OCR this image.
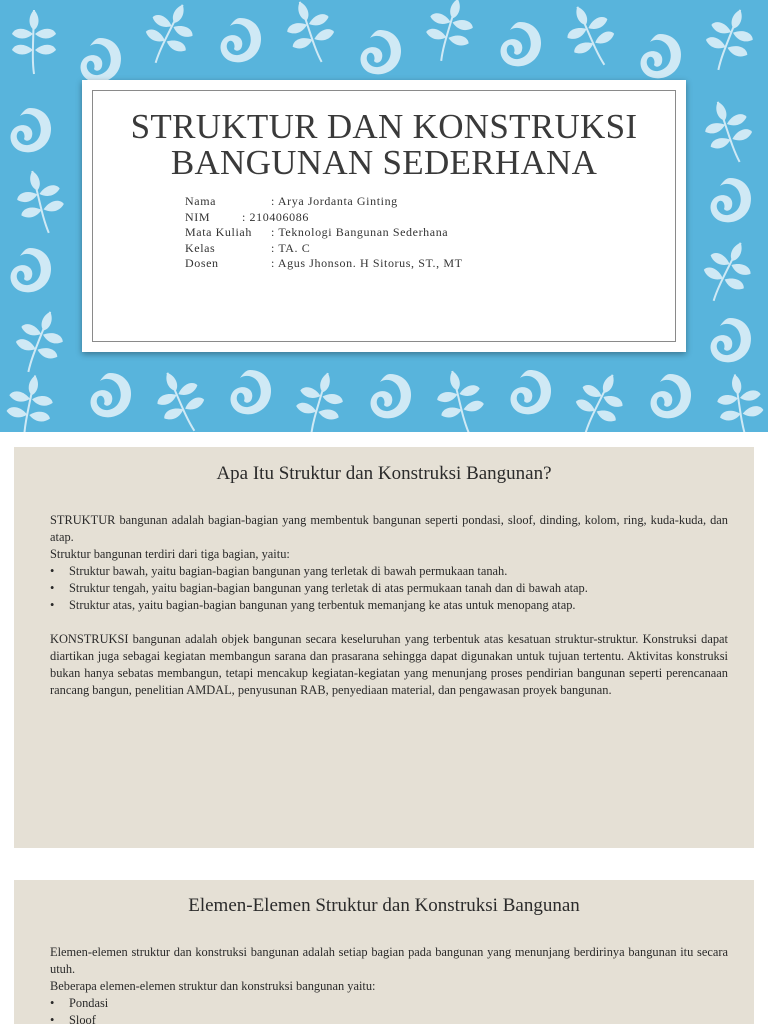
STRUKTUR DAN KONSTRUKSI
BANGUNAN SEDERHANA
Nama	: Arya Jordanta Ginting
NIM	: 210406086
Mata Kuliah : Teknologi Bangunan Sederhana
Kelas	: TA. C
Dosen	: Agus Jhonson. H Sitorus, ST., MT
Apa Itu Struktur dan Konstruksi Bangunan?

STRUKTUR bangunan adalah bagian-bagian yang membentuk bangunan seperti pondasi, sloof, dinding, kolom, ring, kuda-kuda, dan atap.

Struktur bangunan terdiri dari tiga bagian, yaitu:

• Struktur bawah, yaitu bagian-bagian bangunan yang terletak di bawah permukaan tanah.
• Struktur tengah, yaitu bagian-bagian bangunan yang terletak di atas permukaan tanah dan di bawah atap.
• Struktur atas, yaitu bagian-bagian bangunan yang terbentuk memanjang ke atas untuk menopang atap.

KONSTRUKSI bangunan adalah objek bangunan secara keseluruhan yang terbentuk atas kesatuan struktur-struktur. Konstruksi dapat diartikan juga sebagai kegiatan membangun sarana dan prasarana sehingga dapat digunakan untuk tujuan tertentu. Aktivitas konstruksi bukan hanya sebatas membangun, tetapi mencakup kegiatan-kegiatan yang menunjang proses pendirian bangunan seperti perencanaan rancang bangun, penelitian AMDAL, penyusunan RAB, penyediaan material, dan pengawasan proyek bangunan.

Elemen-Elemen Struktur dan Konstruksi Bangunan

Elemen-elemen struktur dan konstruksi bangunan adalah setiap bagian pada bangunan yang menunjang berdirinya bangunan itu secara utuh.

Beberapa elemen-elemen struktur dan konstruksi bangunan yaitu:

• Pondasi
• Sloof
